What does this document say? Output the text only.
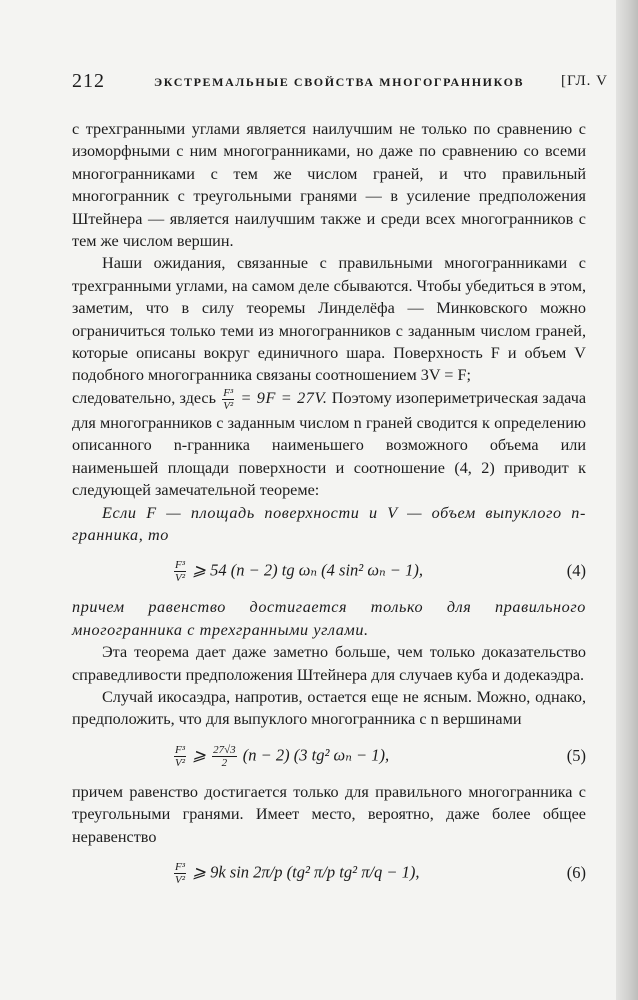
212	ЭКСТРЕМАЛЬНЫЕ СВОЙСТВА МНОГОГРАННИКОВ [ГЛ. V

с трехгранными углами является наилучшим не только по сравнению с изоморфными с ним многогранниками, но даже по сравнению со всеми многогранниками с тем же числом граней, и что правильный многогранник с треугольными гранями — в усиление предположения Штейнера — является наилучшим также и среди всех многогранников с тем же числом вершин.

Наши ожидания, связанные с правильными многогранниками с трехгранными углами, на самом деле сбываются. Чтобы убедиться в этом, заметим, что в силу теоремы Линделёфа — Минковского можно ограничиться только теми из многогранников с заданным числом граней, которые описаны вокруг единичного шара. Поверхность F и объем V подобного многогранника связаны соотношением 3V = F;

следовательно, здесь $\frac{\text{F³}}{\text{V²}} = 9F = 27V$. Поэтому изопериметрическая задача для многогранников с заданным числом n граней сводится к определению описанного n-гранника наименьшего возможного объема или наименьшей площади поверхности и соотношение (4, 2) приводит к следующей замечательной теореме:

Если F — площадь поверхности и V — объем выпуклого n-гранника, то

$\frac{\text{F³}}{\text{V²}}$ ⩾ 54 (n − 2) tg ωₙ (4 sin² ωₙ − 1),	(4)

причем равенство достигается только для правильного многогранника с трехгранными углами.

Эта теорема дает даже заметно больше, чем только доказательство справедливости предположения Штейнера для случаев куба и додекаэдра.

Случай икосаэдра, напротив, остается еще не ясным. Можно, однако, предположить, что для выпуклого многогранника с n вершинами

$\frac{\text{F³}}{\text{V²}}$ ⩾ $\frac{27√3}{2} (n - 2)$ (3 tg² ωₙ − 1),	(5)

причем равенство достигается только для правильного многогранника с треугольными гранями. Имеет место, вероятно, даже более общее неравенство

$\frac{\text{F³}}{\text{V²}}$ ⩾ 9k sin 2π/p (tg² π/p tg² π/q − 1),	(6)
